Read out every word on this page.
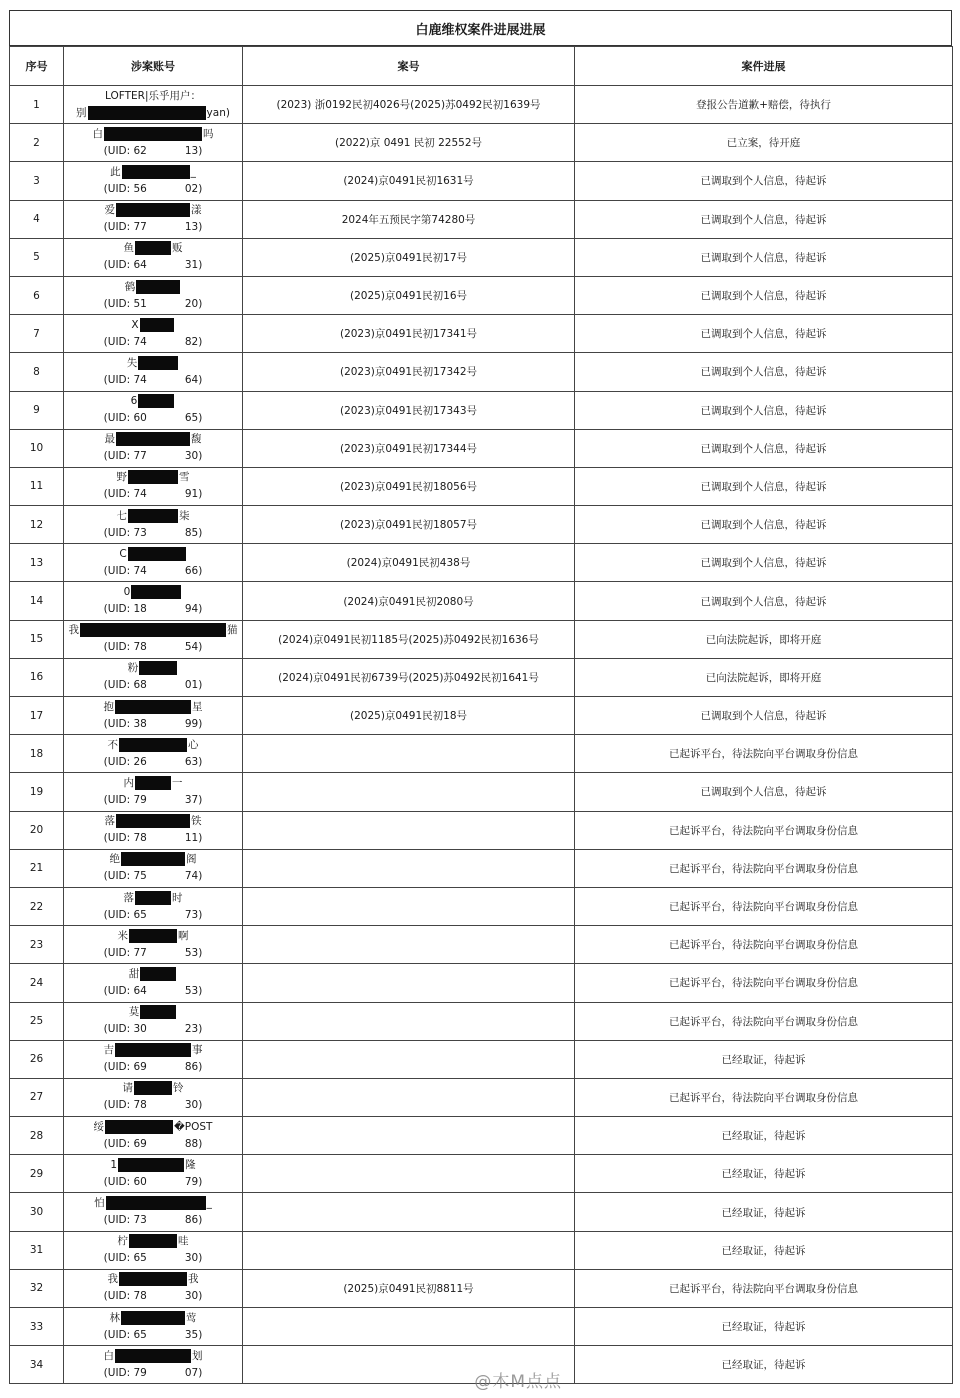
白鹿维权案件进展进展
序号	涉案账号	案号	案件进展
1	LOFTER|乐乎用户：
别 yan)	(2023) 浙0192民初4026号(2025)苏0492民初1639号	登报公告道歉+赔偿，待执行
2	白 吗
(UID: 62 13)	(2022)京 0491 民初 22552号	已立案，待开庭
3	此 _
(UID: 56 02)	(2024)京0491民初1631号	已调取到个人信息，待起诉
4	爱 漾
(UID: 77 13)	2024年五预民字第74280号	已调取到个人信息，待起诉
5	鱼 贩
(UID: 64 31)	(2025)京0491民初17号	已调取到个人信息，待起诉
6	鹤
(UID: 51 20)	(2025)京0491民初16号	已调取到个人信息，待起诉
7	X
(UID: 74 82)	(2023)京0491民初17341号	已调取到个人信息，待起诉
8	失
(UID: 74 64)	(2023)京0491民初17342号	已调取到个人信息，待起诉
9	6
(UID: 60 65)	(2023)京0491民初17343号	已调取到个人信息，待起诉
10	最 馥
(UID: 77 30)	(2023)京0491民初17344号	已调取到个人信息，待起诉
11	野 雪
(UID: 74 91)	(2023)京0491民初18056号	已调取到个人信息，待起诉
12	七 柒
(UID: 73 85)	(2023)京0491民初18057号	已调取到个人信息，待起诉
13	C
(UID: 74 66)	(2024)京0491民初438号	已调取到个人信息，待起诉
14	0
(UID: 18 94)	(2024)京0491民初2080号	已调取到个人信息，待起诉
15	我 猫
(UID: 78 54)	(2024)京0491民初1185号(2025)苏0492民初1636号	已向法院起诉，即将开庭
16	粉
(UID: 68 01)	(2024)京0491民初6739号(2025)苏0492民初1641号	已向法院起诉，即将开庭
17	抱 星
(UID: 38 99)	(2025)京0491民初18号	已调取到个人信息，待起诉
18	不 心
(UID: 26 63)		已起诉平台，待法院向平台调取身份信息
19	内 一
(UID: 79 37)		已调取到个人信息，待起诉
20	落 铁
(UID: 78 11)		已起诉平台，待法院向平台调取身份信息
21	绝 阁
(UID: 75 74)		已起诉平台，待法院向平台调取身份信息
22	落 时
(UID: 65 73)		已起诉平台，待法院向平台调取身份信息
23	米 啊
(UID: 77 53)		已起诉平台，待法院向平台调取身份信息
24	甜
(UID: 64 53)		已起诉平台，待法院向平台调取身份信息
25	莫
(UID: 30 23)		已起诉平台，待法院向平台调取身份信息
26	吉 事
(UID: 69 86)		已经取证，待起诉
27	请 铃
(UID: 78 30)		已起诉平台，待法院向平台调取身份信息
28	绥 �POST
(UID: 69 88)		已经取证，待起诉
29	1 隆
(UID: 60 79)		已经取证，待起诉
30	怕 _
(UID: 73 86)		已经取证，待起诉
31	柠 哇
(UID: 65 30)		已经取证，待起诉
32	我 我
(UID: 78 30)	(2025)京0491民初8811号	已起诉平台，待法院向平台调取身份信息
33	林 莺
(UID: 65 35)		已经取证，待起诉
34	白 划
(UID: 79 07)		已经取证，待起诉
@木M点点
